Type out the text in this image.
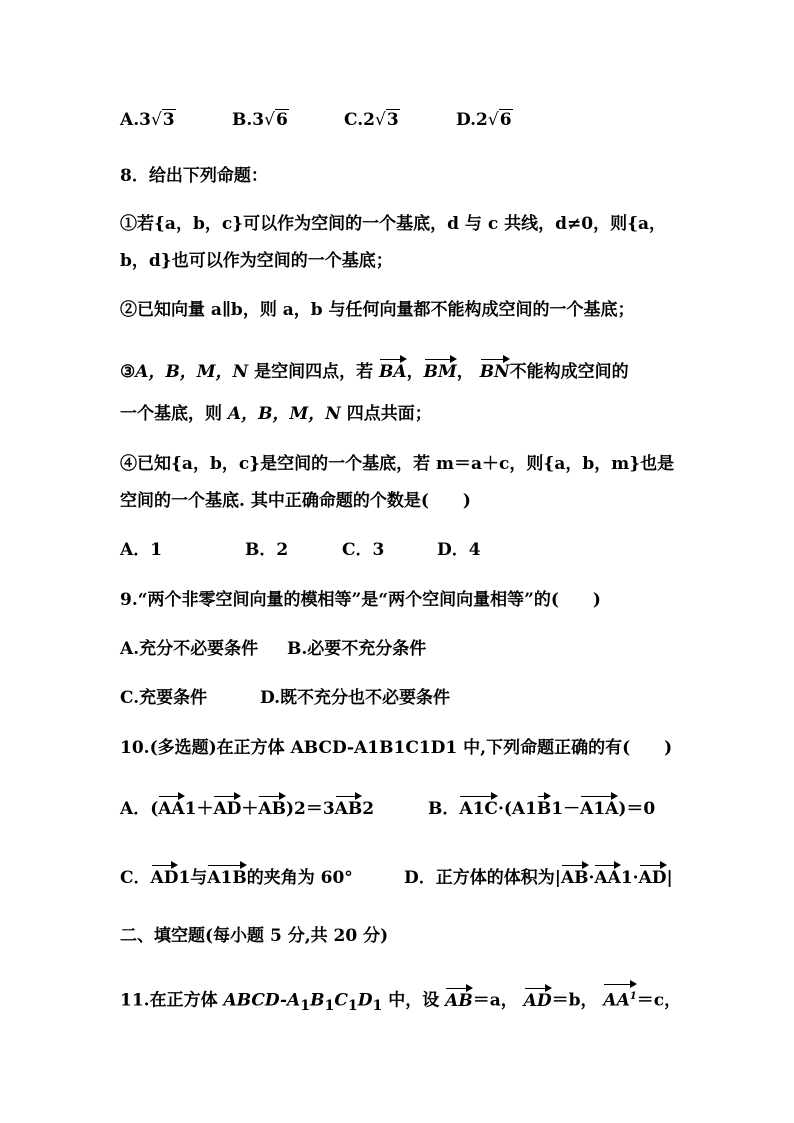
A.3√3	B.3√6	C.2√3	D.2√6
8．给出下列命题：
①若{a，b，c}可以作为空间的一个基底，d 与 c 共线，d≠0，则{a，
b，d}也可以作为空间的一个基底；
②已知向量 a∥b，则 a，b 与任何向量都不能构成空间的一个基底；
③A，B，M，N 是空间四点，若 BA，BM， BN不能构成空间的
一个基底，则 A，B，M，N 四点共面；
④已知{a，b，c}是空间的一个基底，若 m＝a＋c，则{a，b，m}也是
空间的一个基底. 其中正确命题的个数是(　　)
A．1	B．2	C．3	D．4
9.“两个非零空间向量的模相等”是“两个空间向量相等”的(　　)
A.充分不必要条件 B.必要不充分条件
C.充要条件	D.既不充分也不必要条件
10.(多选题)在正方体 ABCD-A1B1C1D1 中,下列命题正确的有(　　)
A．(AA1＋AD＋AB)2＝3AB2	B．A1C·(A1B1－A1A)＝0
C．AD1与A1B的夹角为 60°	D．正方体的体积为|AB·AA1·AD|
二、填空题(每小题 5 分,共 20 分)
11.在正方体 ABCD-$A_1B_1C_1D_1$ 中，设 AB＝a， AD＝b， $AA^1=c$，
